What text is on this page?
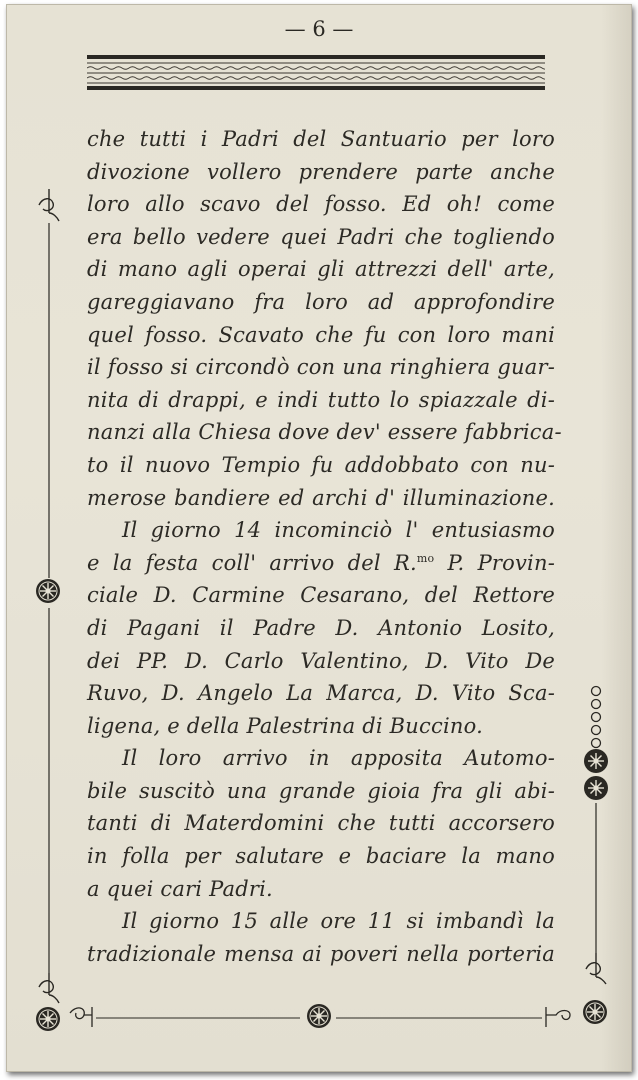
— 6 —
che tutti i Padri del Santuario per loro
divozione vollero prendere parte anche
loro allo scavo del fosso. Ed oh! come
era bello vedere quei Padri che togliendo
di mano agli operai gli attrezzi dell' arte,
gareggiavano fra loro ad approfondire
quel fosso. Scavato che fu con loro mani
il fosso si circondò con una ringhiera guar-
nita di drappi, e indi tutto lo spiazzale di-
nanzi alla Chiesa dove dev' essere fabbrica-
to il nuovo Tempio fu addobbato con nu-
merose bandiere ed archi d' illuminazione.
Il giorno 14 incominciò l' entusiasmo
e la festa coll' arrivo del R.$^{mo}$ P. Provin-
ciale D. Carmine Cesarano, del Rettore
di Pagani il Padre D. Antonio Losito,
dei PP. D. Carlo Valentino, D. Vito De
Ruvo, D. Angelo La Marca, D. Vito Sca-
ligena, e della Palestrina di Buccino.
Il loro arrivo in apposita Automo-
bile suscitò una grande gioia fra gli abi-
tanti di Materdomini che tutti accorsero
in folla per salutare e baciare la mano
a quei cari Padri.
Il giorno 15 alle ore 11 si imbandì la
tradizionale mensa ai poveri nella porteria
